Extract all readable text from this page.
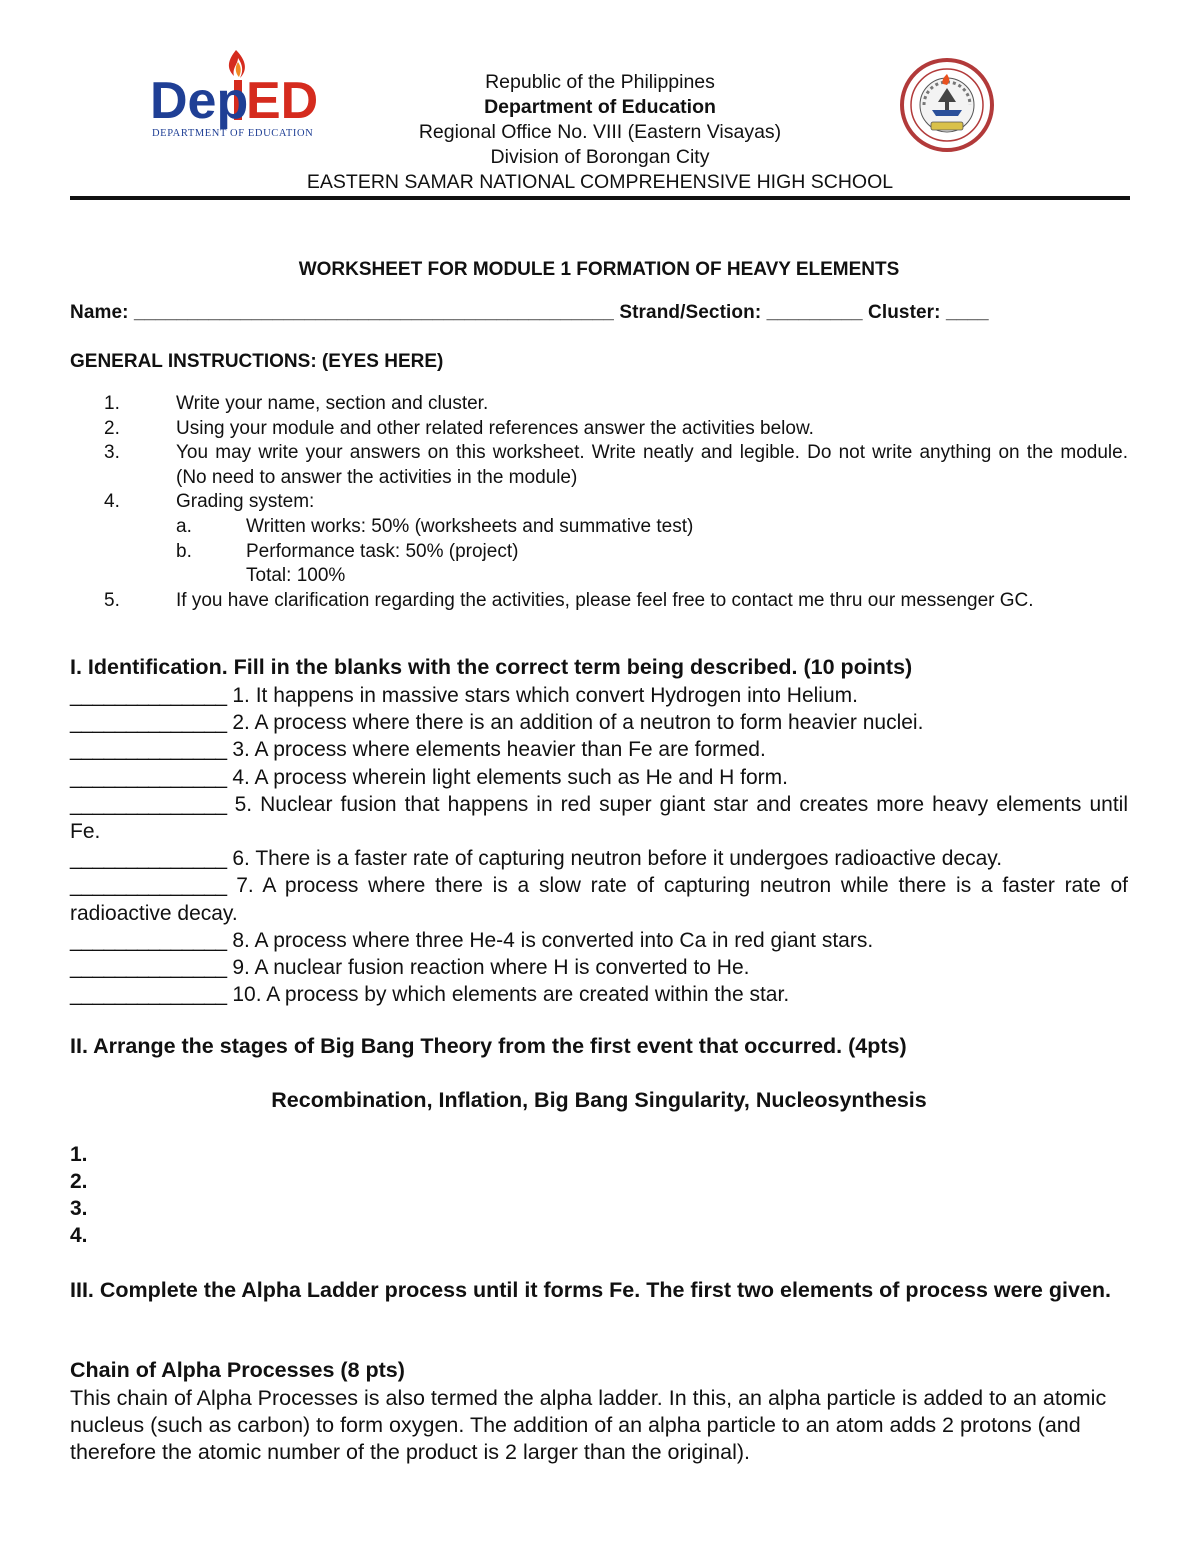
Dep
ED
DEPARTMENT OF EDUCATION
Republic of the Philippines
Department of Education
Regional Office No. VIII (Eastern Visayas)
Division of Borongan City
EASTERN SAMAR NATIONAL COMPREHENSIVE HIGH SCHOOL
WORKSHEET FOR MODULE 1 FORMATION OF HEAVY ELEMENTS
Name: _____________________________________________ Strand/Section: _________ Cluster: ____
GENERAL INSTRUCTIONS: (EYES HERE)
1.	Write your name, section and cluster.
2.	Using your module and other related references answer the activities below.
3.	You may write your answers on this worksheet. Write neatly and legible. Do not write anything on the module. (No need to answer the activities in the module)
4.	Grading system:
a.	Written works: 50% (worksheets and summative test)
b.	Performance task: 50% (project)
Total: 100%
5.	If you have clarification regarding the activities, please feel free to contact me thru our messenger GC.
I. Identification. Fill in the blanks with the correct term being described. (10 points)
______________ 1. It happens in massive stars which convert Hydrogen into Helium.
______________ 2. A process where there is an addition of a neutron to form heavier nuclei.
______________ 3. A process where elements heavier than Fe are formed.
______________ 4. A process wherein light elements such as He and H form.
______________ 5. Nuclear fusion that happens in red super giant star and creates more heavy elements until Fe.
______________ 6. There is a faster rate of capturing neutron before it undergoes radioactive decay.
______________ 7. A process where there is a slow rate of capturing neutron while there is a faster rate of radioactive decay.
______________ 8. A process where three He-4 is converted into Ca in red giant stars.
______________ 9. A nuclear fusion reaction where H is converted to He.
______________ 10. A process by which elements are created within the star.
II. Arrange the stages of Big Bang Theory from the first event that occurred. (4pts)
Recombination, Inflation, Big Bang Singularity, Nucleosynthesis
1.
2.
3.
4.
III. Complete the Alpha Ladder process until it forms Fe. The first two elements of process were given.
Chain of Alpha Processes (8 pts)
This chain of Alpha Processes is also termed the alpha ladder. In this, an alpha particle is added to an atomic nucleus (such as carbon) to form oxygen. The addition of an alpha particle to an atom adds 2 protons (and therefore the atomic number of the product is 2 larger than the original).
